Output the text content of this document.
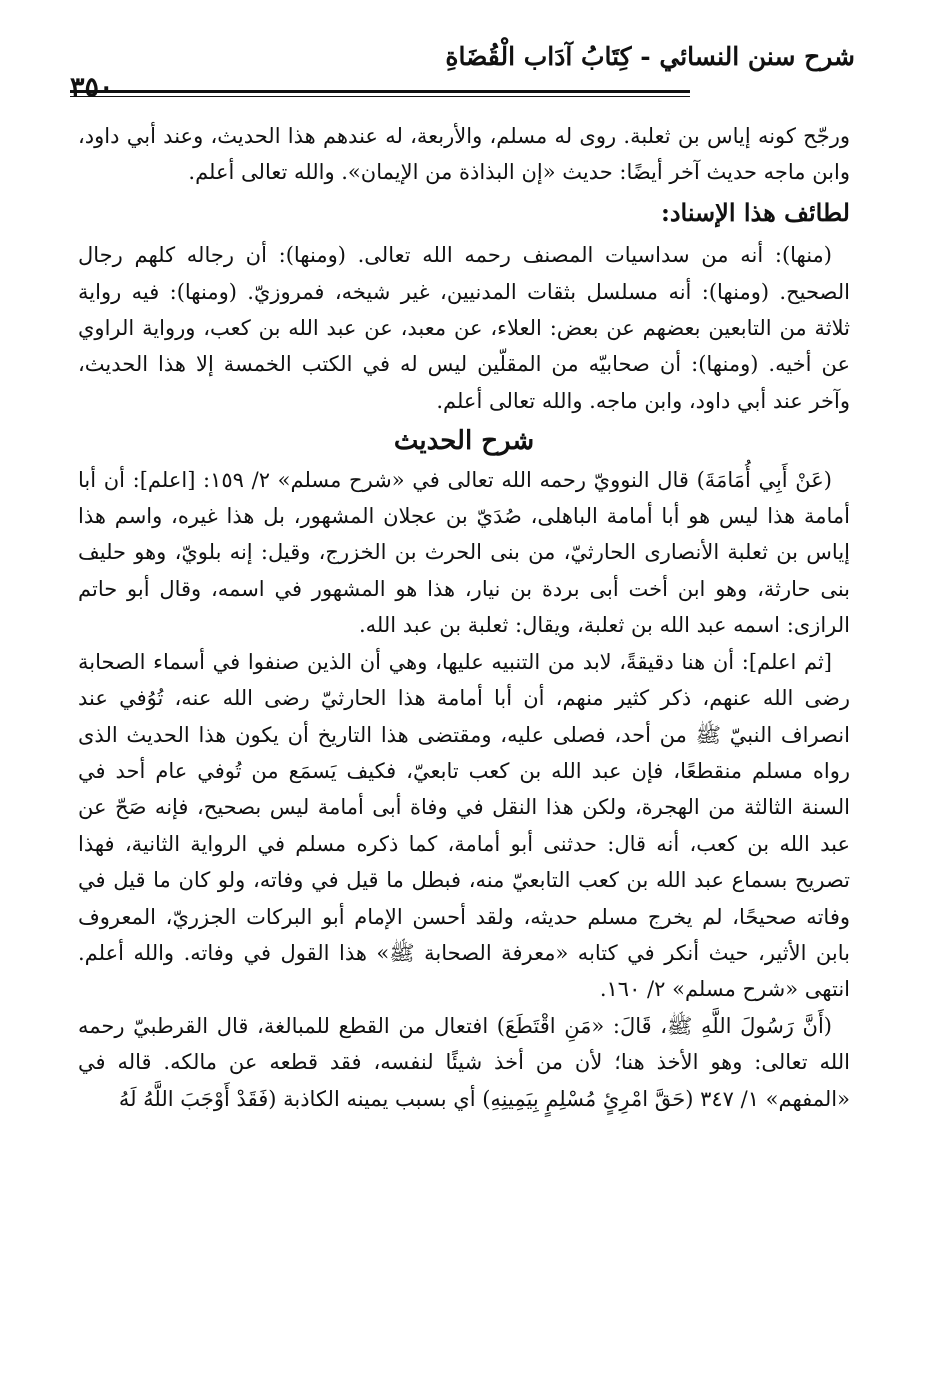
شرح سنن النسائي - كِتَابُ آدَاب الْقُضَاةِ
٣٥٠

ورجّح كونه إياس بن ثعلبة. روى له مسلم، والأربعة، له عندهم هذا الحديث، وعند أبي داود، وابن ماجه حديث آخر أيضًا: حديث «إن البذاذة من الإيمان». والله تعالى أعلم.

لطائف هذا الإسناد:

(منها): أنه من سداسيات المصنف رحمه الله تعالى. (ومنها): أن رجاله كلهم رجال الصحيح. (ومنها): أنه مسلسل بثقات المدنيين، غير شيخه، فمروزيّ. (ومنها): فيه رواية ثلاثة من التابعين بعضهم عن بعض: العلاء، عن معبد، عن عبد الله بن كعب، ورواية الراوي عن أخيه. (ومنها): أن صحابيّه من المقلّين ليس له في الكتب الخمسة إلا هذا الحديث، وآخر عند أبي داود، وابن ماجه. والله تعالى أعلم.

شرح الحديث

(عَنْ أَبِي أُمَامَةَ) قال النوويّ رحمه الله تعالى في «شرح مسلم» ٢/ ١٥٩: [اعلم]: أن أبا أمامة هذا ليس هو أبا أمامة الباهلى، صُدَيّ بن عجلان المشهور، بل هذا غيره، واسم هذا إياس بن ثعلبة الأنصارى الحارثيّ، من بنى الحرث بن الخزرج، وقيل: إنه بلويّ، وهو حليف بنى حارثة، وهو ابن أخت أبى بردة بن نيار، هذا هو المشهور في اسمه، وقال أبو حاتم الرازى: اسمه عبد الله بن ثعلبة، ويقال: ثعلبة بن عبد الله.

[ثم اعلم]: أن هنا دقيقةً، لابد من التنبيه عليها، وهي أن الذين صنفوا في أسماء الصحابة رضى الله عنهم، ذكر كثير منهم، أن أبا أمامة هذا الحارثيّ رضى الله عنه، تُوُفي عند انصراف النبيّ ﷺ من أحد، فصلى عليه، ومقتضى هذا التاريخ أن يكون هذا الحديث الذى رواه مسلم منقطعًا، فإن عبد الله بن كعب تابعيّ، فكيف يَسمَع من تُوفي عام أحد في السنة الثالثة من الهجرة، ولكن هذا النقل في وفاة أبى أمامة ليس بصحيح، فإنه صَحّ عن عبد الله بن كعب، أنه قال: حدثنى أبو أمامة، كما ذكره مسلم في الرواية الثانية، فهذا تصريح بسماع عبد الله بن كعب التابعيّ منه، فبطل ما قيل في وفاته، ولو كان ما قيل في وفاته صحيحًا، لم يخرج مسلم حديثه، ولقد أحسن الإمام أبو البركات الجزريّ، المعروف بابن الأثير، حيث أنكر في كتابه «معرفة الصحابة ﷺ» هذا القول في وفاته. والله أعلم. انتهى «شرح مسلم» ٢/ ١٦٠.

(أَنَّ رَسُولَ اللَّهِ ﷺ، قَالَ: «مَنِ اقْتَطَعَ) افتعال من القطع للمبالغة، قال القرطبيّ رحمه الله تعالى: وهو الأخذ هنا؛ لأن من أخذ شيئًا لنفسه، فقد قطعه عن مالكه. قاله في «المفهم» ١/ ٣٤٧ (حَقَّ امْرِئٍ مُسْلِمٍ بِيَمِينِهِ) أي بسبب يمينه الكاذبة (فَقَدْ أَوْجَبَ اللَّهُ لَهُ
